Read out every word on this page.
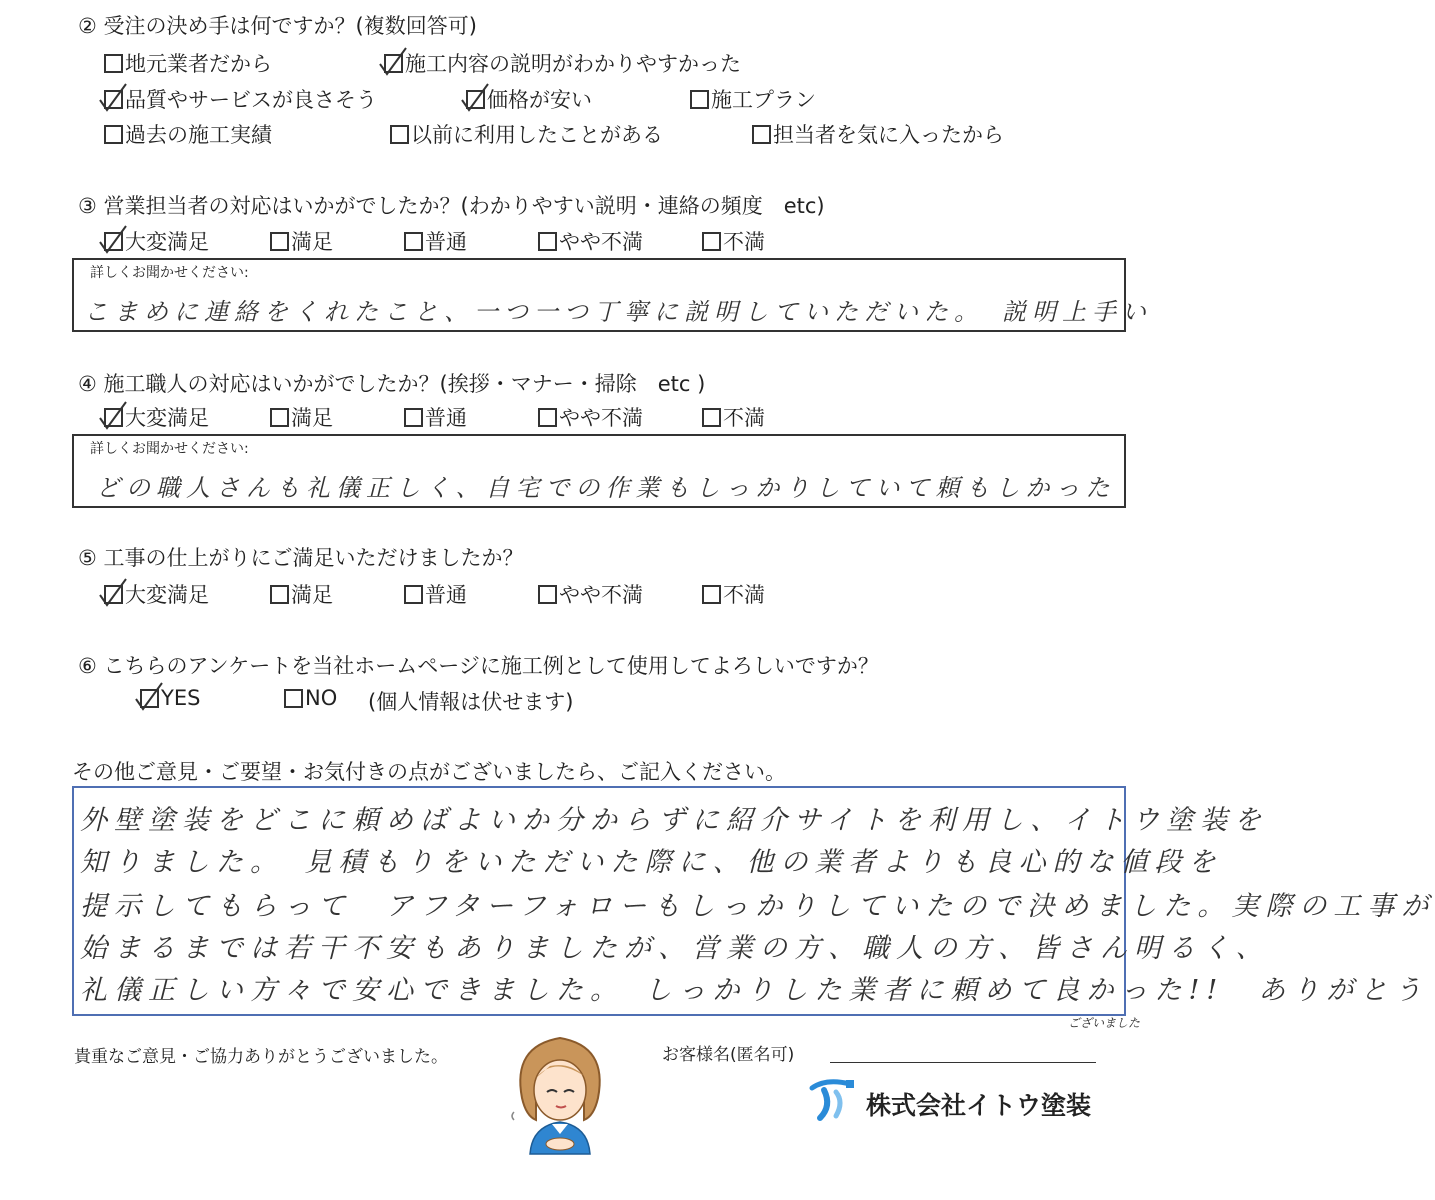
② 受注の決め手は何ですか？(複数回答可)
地元業者だから	施工内容の説明がわかりやすかった
品質やサービスが良さそう	価格が安い	施工プラン
過去の施工実績	以前に利用したことがある	担当者を気に入ったから
③ 営業担当者の対応はいかがでしたか？(わかりやすい説明・連絡の頻度　etc)
大変満足	満足	普通	やや不満	不満
詳しくお聞かせください:
こまめに連絡をくれたこと、一つ一つ丁寧に説明していただいた。　説明上手い
④ 施工職人の対応はいかがでしたか？(挨拶・マナー・掃除　etc )
大変満足	満足	普通	やや不満	不満
詳しくお聞かせください:
どの職人さんも礼儀正しく、自宅での作業もしっかりしていて頼もしかった
⑤ 工事の仕上がりにご満足いただけましたか？
大変満足	満足	普通	やや不満	不満
⑥ こちらのアンケートを当社ホームページに施工例として使用してよろしいですか？
YES	NO (個人情報は伏せます)
その他ご意見・ご要望・お気付きの点がございましたら、ご記入ください。
外壁塗装をどこに頼めばよいか分からずに紹介サイトを利用し、イトウ塗装を
知りました。　見積もりをいただいた際に、他の業者よりも良心的な値段を
提示してもらって　アフターフォローもしっかりしていたので決めました。実際の工事が
始まるまでは若干不安もありましたが、営業の方、職人の方、皆さん明るく、
礼儀正しい方々で安心できました。　しっかりした業者に頼めて良かった!!　ありがとう
ございました
貴重なご意見・ご協力ありがとうございました。	お客様名(匿名可)
株式会社イトウ塗装
